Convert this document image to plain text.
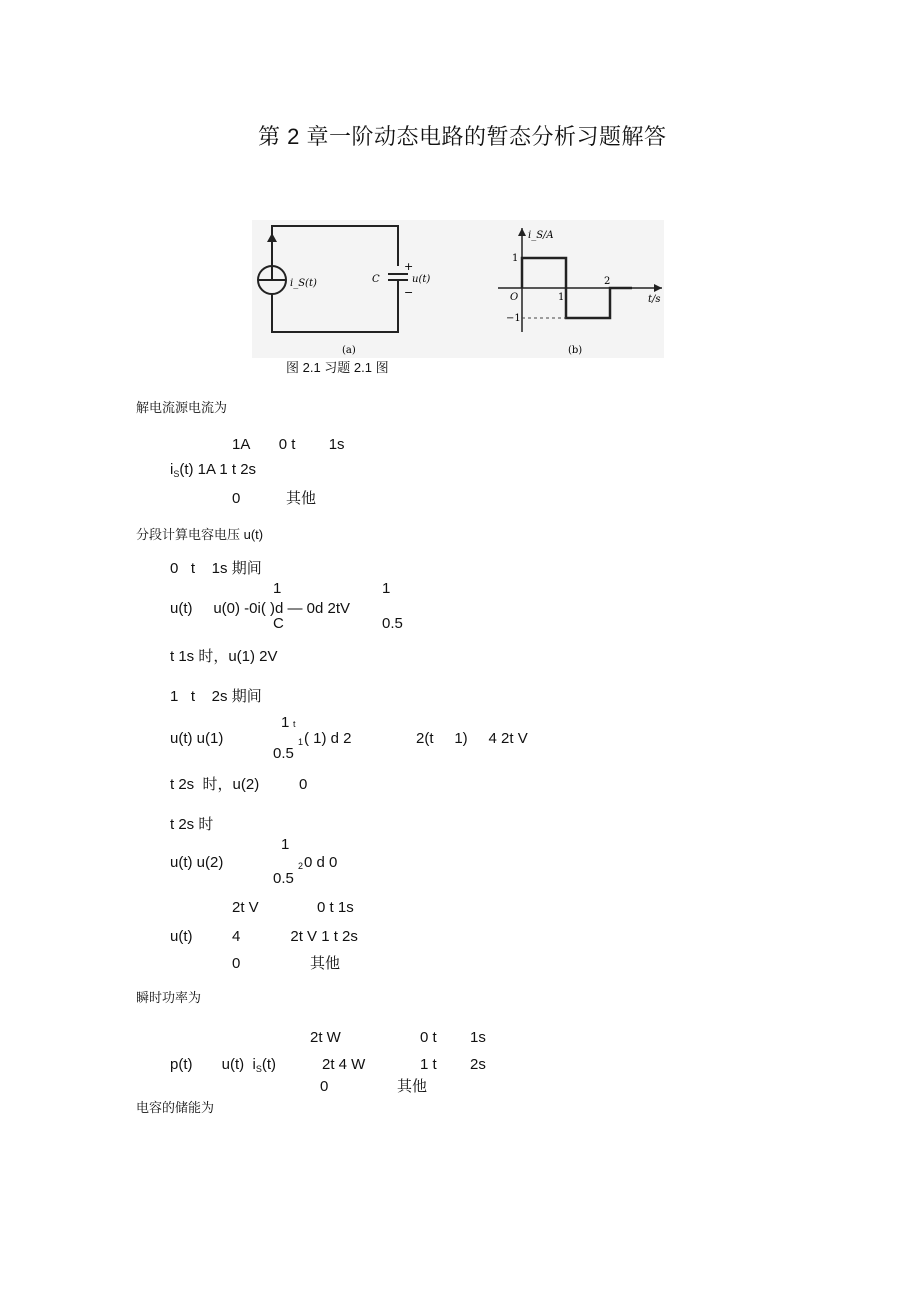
第 2 章一阶动态电路的暂态分析习题解答
i_S(t)	C	u(t)
+
−
(a)
i_S/A
t/s
O	1
2
1
−1
(b)
图 2.1 习题 2.1 图
解电流源电流为
1A       0 t        1s
$i_S(t)$ 1A 1 t 2s
0	其他
分段计算电容电压 u(t)
0   t    1s 期间
1	1
u(t)     u(0) -0i( )d — 0d 2tV
C	0.5
t 1s 时，u(1) 2V
1   t    2s 期间
1 t
u(t) u(1)	1 ( 1) d 2	2(t     1)     4 2t V
0.5
t 2s  时，u(2)	0
t 2s 时
1
u(t) u(2)	2 0 d 0
0.5
2t V              0 t 1s
u(t)	4            2t V 1 t 2s
0	其他
瞬时功率为
2t W	0 t        1s
p(t)       u(t)  $i_S(t)$	2t 4 W	1 t        2s
0	其他
电容的储能为
